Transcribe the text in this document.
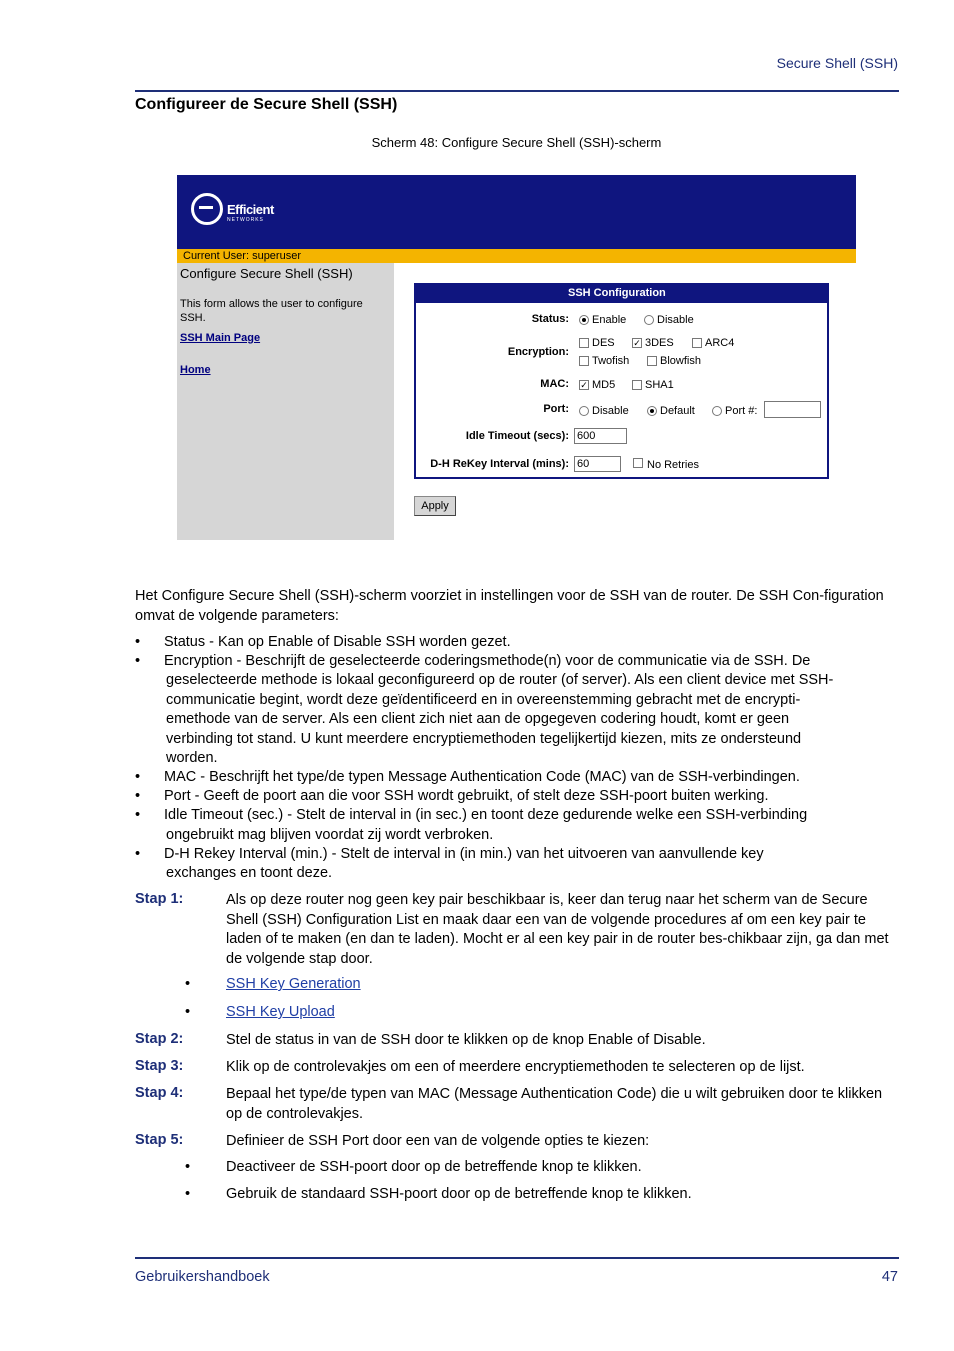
Secure Shell (SSH)
Configureer de Secure Shell (SSH)
Scherm 48: Configure Secure Shell (SSH)-scherm
Efficient
NETWORKS
Current User: superuser
Configure Secure Shell (SSH)
This form allows the user to configure SSH.
SSH Main Page
Home
SSH Configuration
Status: Enable	Disable
Encryption:
DES ✓ 3DES	ARC4
Twofish	Blowfish
MAC: ✓ MD5	SHA1
Port: Disable	Default	Port #:
Idle Timeout (secs): 600
D-H ReKey Interval (mins): 60	No Retries
Apply
Het Configure Secure Shell (SSH)-scherm voorziet in instellingen voor de SSH van de router. De SSH Con-figuration omvat de volgende parameters:
• Status - Kan op Enable of Disable SSH worden gezet.
• Encryption - Beschrijft de geselecteerde coderingsmethode(n) voor de communicatie via de SSH. De
geselecteerde methode is lokaal geconfigureerd op de router (of server). Als een client device met SSH-
communicatie begint, wordt deze geïdentificeerd en in overeenstemming gebracht met de encrypti-
emethode van de server. Als een client zich niet aan de opgegeven codering houdt, komt er geen
verbinding tot stand. U kunt meerdere encryptiemethoden tegelijkertijd kiezen, mits ze ondersteund
worden.
• MAC - Beschrijft het type/de typen Message Authentication Code (MAC) van de SSH-verbindingen.
• Port - Geeft de poort aan die voor SSH wordt gebruikt, of stelt deze SSH-poort buiten werking.
• Idle Timeout (sec.) - Stelt de interval in (in sec.) en toont deze gedurende welke een SSH-verbinding
ongebruikt mag blijven voordat zij wordt verbroken.
• D-H Rekey Interval (min.) - Stelt de interval in (in min.) van het uitvoeren van aanvullende key
exchanges en toont deze.
Stap 1:	Als op deze router nog geen key pair beschikbaar is, keer dan terug naar het scherm van de Secure Shell (SSH) Configuration List en maak daar een van de volgende procedures af om een key pair te laden of te maken (en dan te laden). Mocht er al een key pair in de router bes-chikbaar zijn, ga dan met de volgende stap door.
• SSH Key Generation
• SSH Key Upload
Stap 2:	Stel de status in van de SSH door te klikken op de knop Enable of Disable.
Stap 3:	Klik op de controlevakjes om een of meerdere encryptiemethoden te selecteren op de lijst.
Stap 4:	Bepaal het type/de typen van MAC (Message Authentication Code) die u wilt gebruiken door te klikken op de controlevakjes.
Stap 5:	Definieer de SSH Port door een van de volgende opties te kiezen:
• Deactiveer de SSH-poort door op de betreffende knop te klikken.
• Gebruik de standaard SSH-poort door op de betreffende knop te klikken.
Gebruikershandboek	47
